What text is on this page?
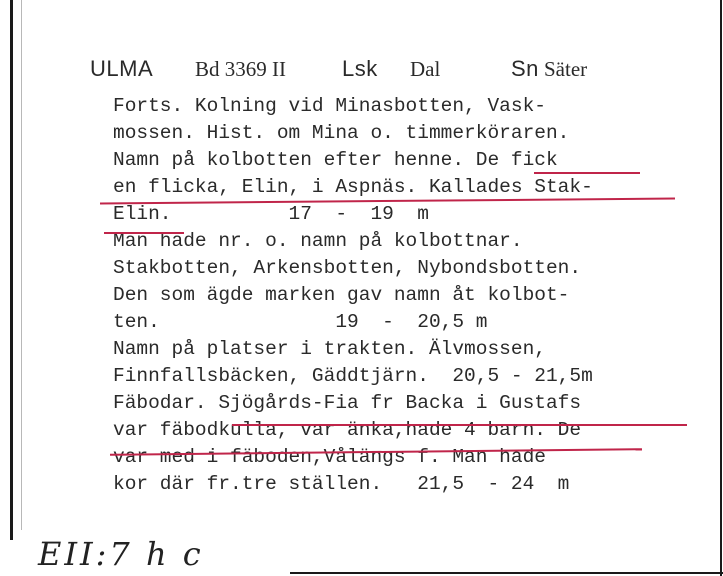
ULMA Bd 3369 II	Lsk Dal	Sn Säter
Forts. Kolning vid Minasbotten, Vask-
mossen. Hist. om Mina o. timmerköraren.
Namn på kolbotten efter henne. De fick
en flicka, Elin, i Aspnäs. Kallades Stak-
Elin.          17  -  19  m
Man hade nr. o. namn på kolbottnar.
Stakbotten, Arkensbotten, Nybondsbotten.
Den som ägde marken gav namn åt kolbot-
ten.               19  -  20,5 m
Namn på platser i trakten. Älvmossen,
Finnfallsbäcken, Gäddtjärn.  20,5 - 21,5m
Fäbodar. Sjögårds-Fia fr Backa i Gustafs
var fäbodkulla, var änka,hade 4 barn. De
var med i fäboden,Vålängs f. Man hade
kor där fr.tre ställen.   21,5  - 24  m
EII:7 h c
